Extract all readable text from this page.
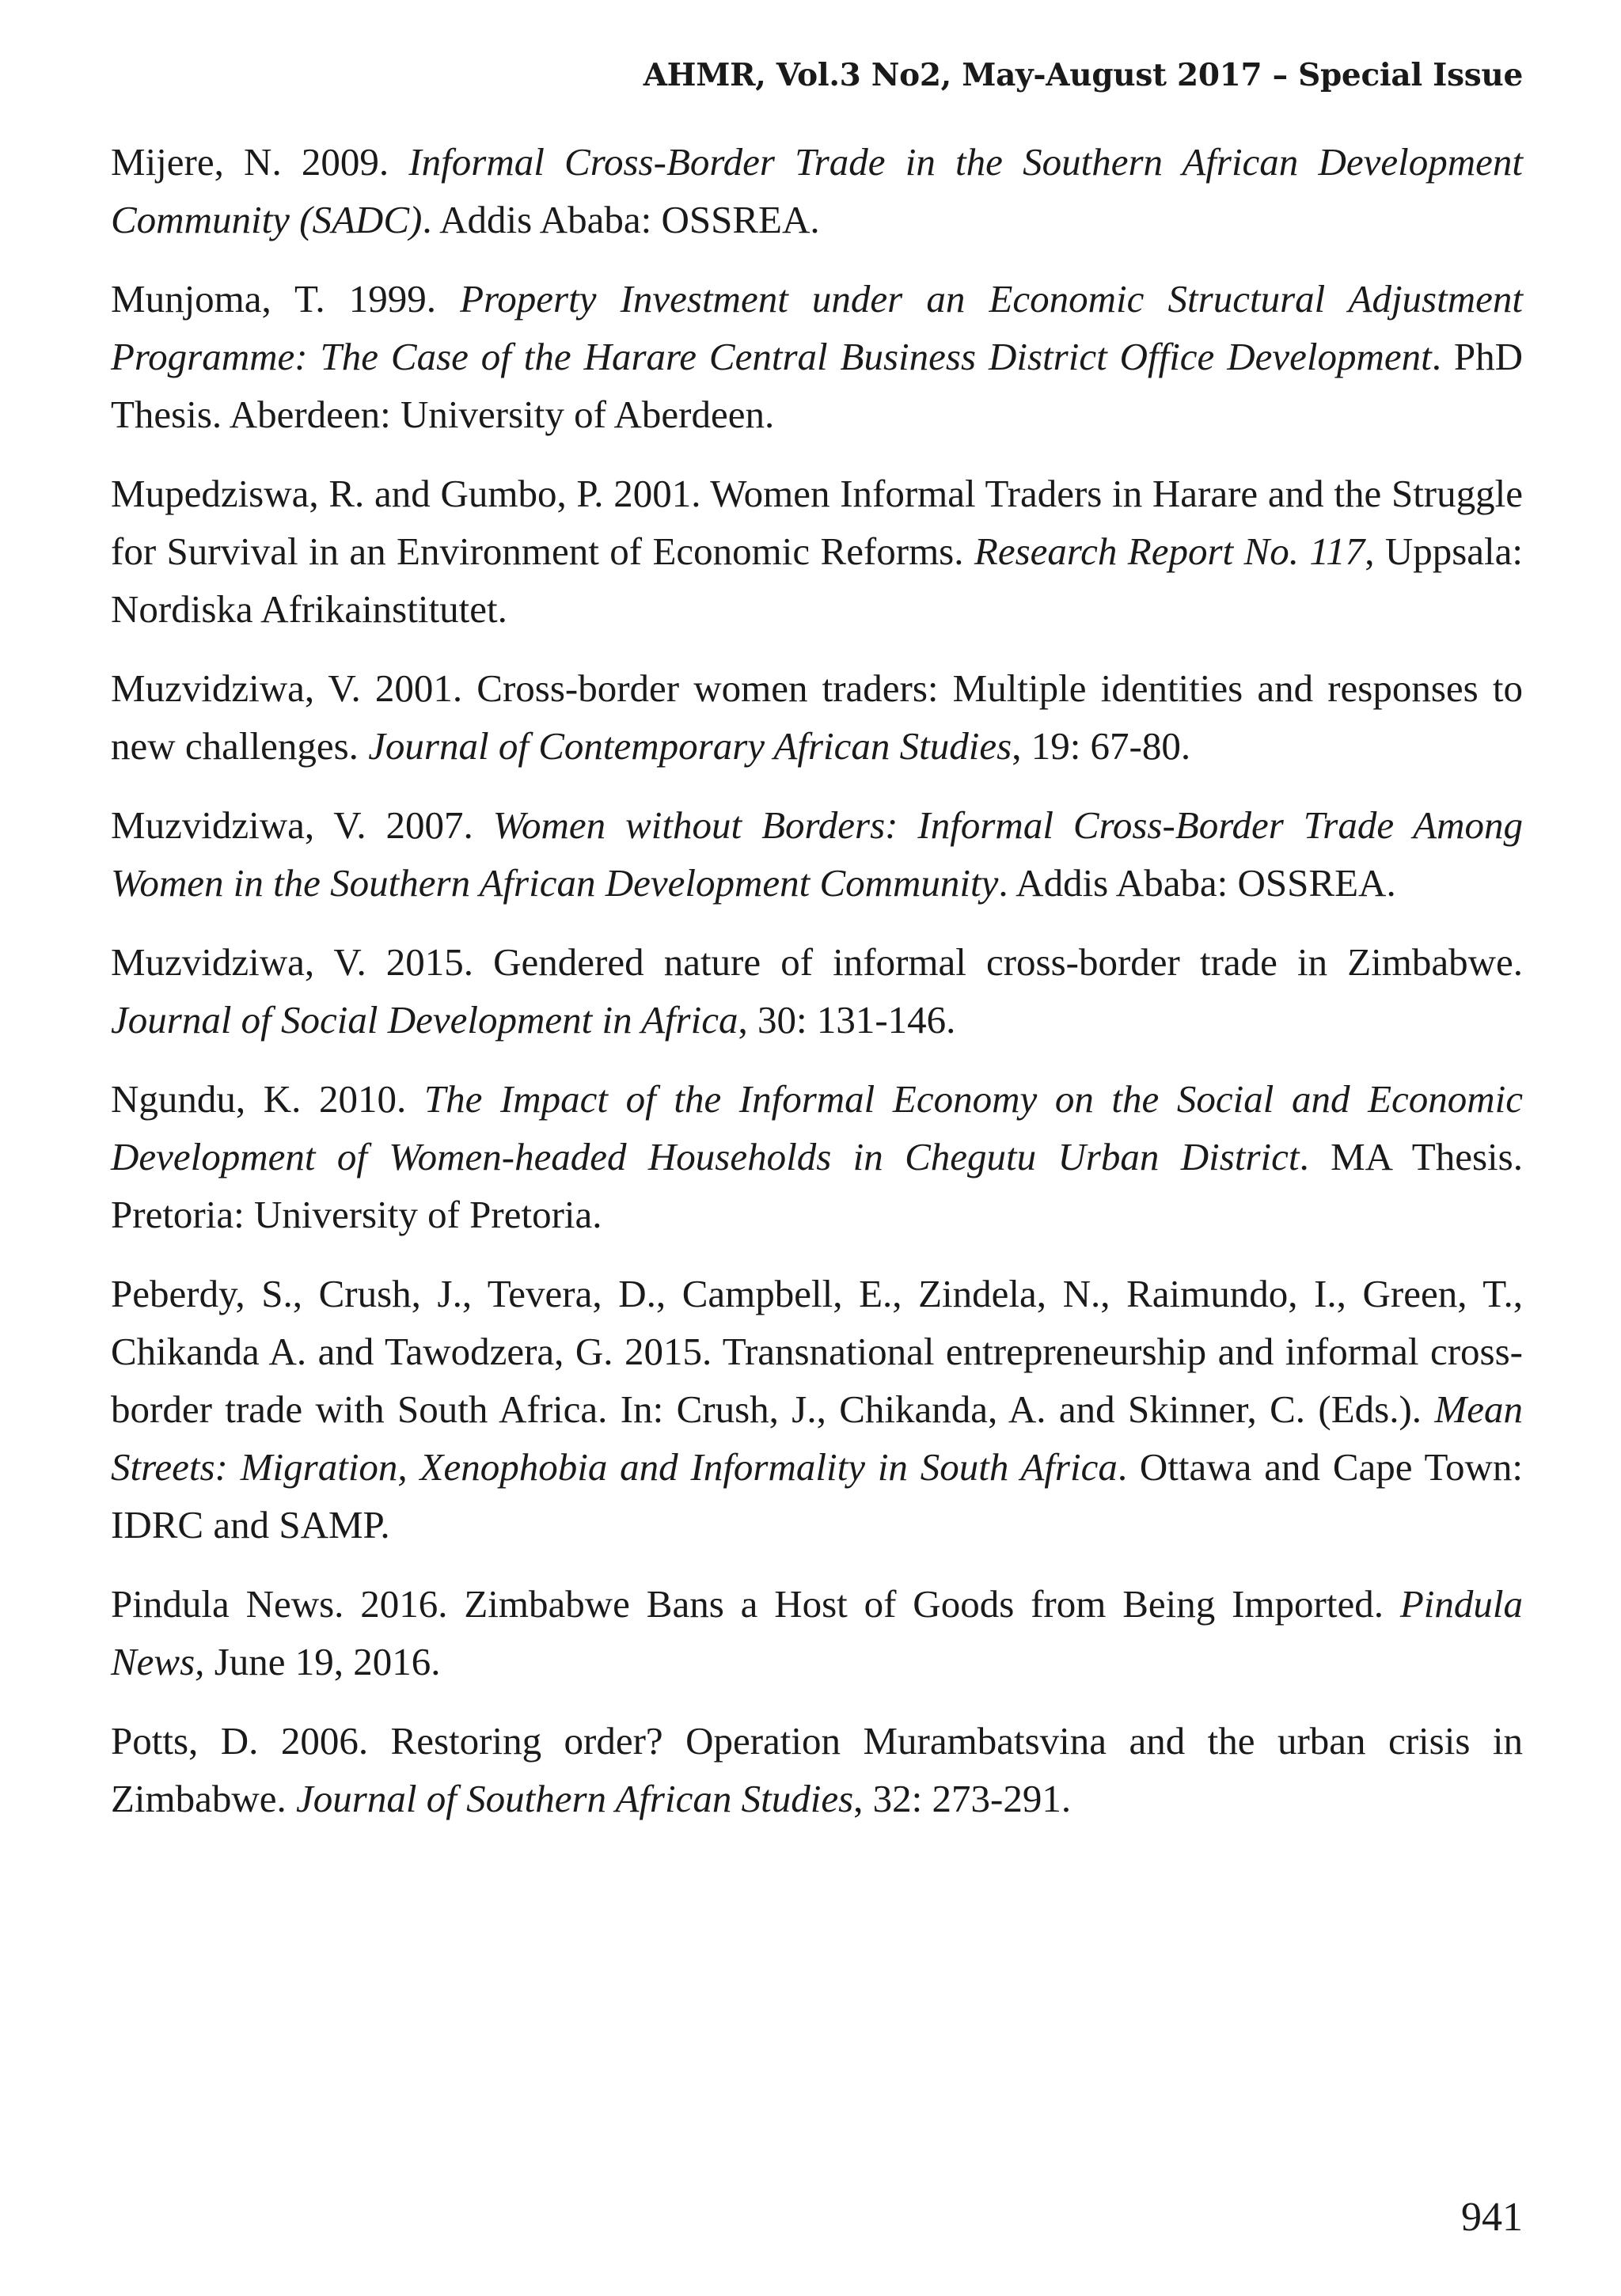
AHMR, Vol.3 No2, May-August 2017 – Special Issue

Mijere, N. 2009. Informal Cross-Border Trade in the Southern African Development Community (SADC). Addis Ababa: OSSREA.

Munjoma, T. 1999. Property Investment under an Economic Structural Adjustment Programme: The Case of the Harare Central Business District Office Development. PhD Thesis. Aberdeen: University of Aberdeen.

Mupedziswa, R. and Gumbo, P. 2001. Women Informal Traders in Harare and the Struggle for Survival in an Environment of Economic Reforms. Research Report No. 117, Uppsala: Nordiska Afrikainstitutet.

Muzvidziwa, V. 2001. Cross-border women traders: Multiple identities and responses to new challenges. Journal of Contemporary African Studies, 19: 67-80.

Muzvidziwa, V. 2007. Women without Borders: Informal Cross-Border Trade Among Women in the Southern African Development Community. Addis Ababa: OSSREA.

Muzvidziwa, V. 2015. Gendered nature of informal cross-border trade in Zimbabwe. Journal of Social Development in Africa, 30: 131-146.

Ngundu, K. 2010. The Impact of the Informal Economy on the Social and Economic Development of Women-headed Households in Chegutu Urban District. MA Thesis. Pretoria: University of Pretoria.

Peberdy, S., Crush, J., Tevera, D., Campbell, E., Zindela, N., Raimundo, I., Green, T., Chikanda A. and Tawodzera, G. 2015. Transnational entrepreneurship and informal cross-border trade with South Africa. In: Crush, J., Chikanda, A. and Skinner, C. (Eds.). Mean Streets: Migration, Xenophobia and Informality in South Africa. Ottawa and Cape Town: IDRC and SAMP.

Pindula News. 2016. Zimbabwe Bans a Host of Goods from Being Imported. Pindula News, June 19, 2016.

Potts, D. 2006. Restoring order? Operation Murambatsvina and the urban crisis in Zimbabwe. Journal of Southern African Studies, 32: 273-291.

941
